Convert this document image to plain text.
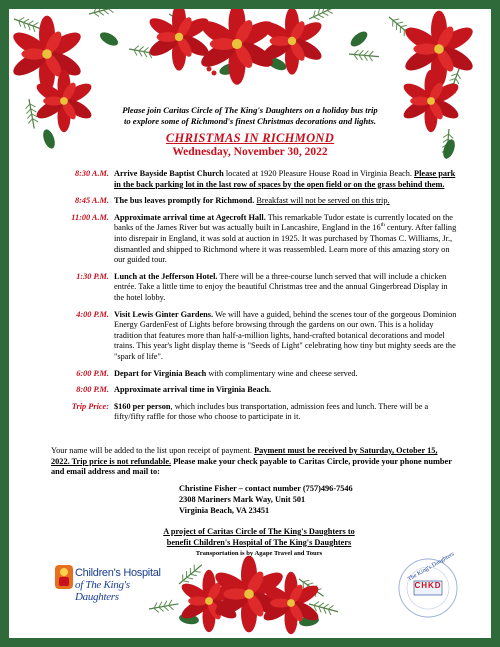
Please join Caritas Circle of The King's Daughters on a holiday bus trip
to explore some of Richmond's finest Christmas decorations and lights.
CHRISTMAS IN RICHMOND
Wednesday, November 30, 2022
8:30 A.M. Arrive Bayside Baptist Church located at 1920 Pleasure House Road in Virginia Beach. Please park in the back parking lot in the last row of spaces by the open field or on the grass behind them.
8:45 A.M. The bus leaves promptly for Richmond. Breakfast will not be served on this trip.
11:00 A.M. Approximate arrival time at Agecroft Hall. This remarkable Tudor estate is currently located on the banks of the James River but was actually built in Lancashire, England in the 16th century. After falling into disrepair in England, it was sold at auction in 1925. It was purchased by Thomas C. Williams, Jr., dismantled and shipped to Richmond where it was reassembled. Learn more of this amazing story on our guided tour.
1:30 P.M. Lunch at the Jefferson Hotel. There will be a three-course lunch served that will include a chicken entrée. Take a little time to enjoy the beautiful Christmas tree and the annual Gingerbread Display in the hotel lobby.
4:00 P.M. Visit Lewis Ginter Gardens. We will have a guided, behind the scenes tour of the gorgeous Dominion Energy GardenFest of Lights before browsing through the gardens on our own. This is a holiday tradition that features more than half-a-million lights, hand-crafted botanical decorations and model trains. This year's light display theme is "Seeds of Light" celebrating how tiny but mighty seeds are the "spark of life".
6:00 P.M. Depart for Virginia Beach with complimentary wine and cheese served.
8:00 P.M. Approximate arrival time in Virginia Beach.
Trip Price: $160 per person, which includes bus transportation, admission fees and lunch. There will be a fifty/fifty raffle for those who choose to participate in it.
Your name will be added to the list upon receipt of payment. Payment must be received by Saturday, October 15, 2022. Trip price is not refundable. Please make your check payable to Caritas Circle, provide your phone number and email address and mail to:
Christine Fisher – contact number (757)496-7546
2308 Mariners Mark Way, Unit 501
Virginia Beach, VA 23451
A project of Caritas Circle of The King's Daughters to
benefit Children's Hospital of The King's Daughters
Transportation is by Agape Travel and Tours
Children's Hospital
of The King's Daughters
The King's Daughters
CHKD
